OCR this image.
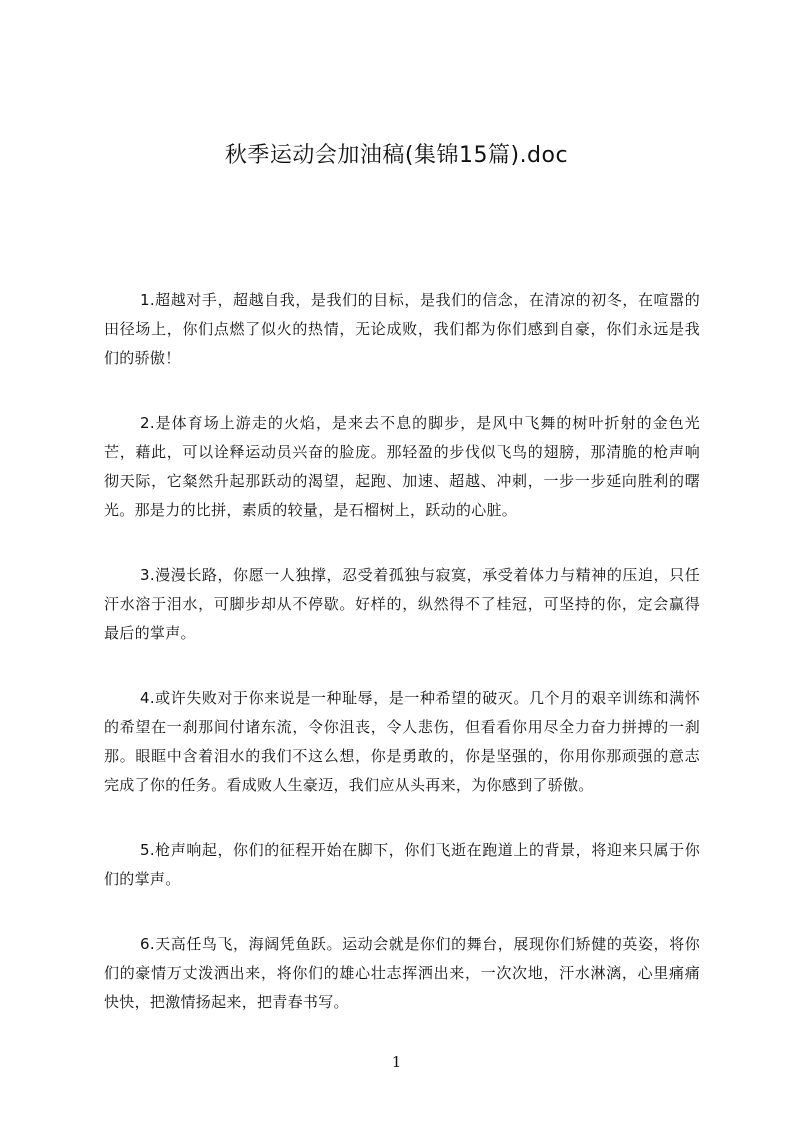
秋季运动会加油稿(集锦15篇).doc

1.超越对手，超越自我，是我们的目标，是我们的信念，在清凉的初冬，在喧嚣的田径场上，你们点燃了似火的热情，无论成败，我们都为你们感到自豪，你们永远是我们的骄傲！

2.是体育场上游走的火焰，是来去不息的脚步，是风中飞舞的树叶折射的金色光芒，藉此，可以诠释运动员兴奋的脸庞。那轻盈的步伐似飞鸟的翅膀，那清脆的枪声响彻天际，它粲然升起那跃动的渴望，起跑、加速、超越、冲刺，一步一步延向胜利的曙光。那是力的比拼，素质的较量，是石榴树上，跃动的心脏。

3.漫漫长路，你愿一人独撑，忍受着孤独与寂寞，承受着体力与精神的压迫，只任汗水溶于泪水，可脚步却从不停歇。好样的，纵然得不了桂冠，可坚持的你，定会赢得最后的掌声。

4.或许失败对于你来说是一种耻辱，是一种希望的破灭。几个月的艰辛训练和满怀的希望在一刹那间付诸东流，令你沮丧，令人悲伤，但看看你用尽全力奋力拼搏的一刹那。眼眶中含着泪水的我们不这么想，你是勇敢的，你是坚强的，你用你那顽强的意志完成了你的任务。看成败人生豪迈，我们应从头再来，为你感到了骄傲。

5.枪声响起，你们的征程开始在脚下，你们飞逝在跑道上的背景，将迎来只属于你们的掌声。

6.天高任鸟飞，海阔凭鱼跃。运动会就是你们的舞台，展现你们矫健的英姿，将你们的豪情万丈泼洒出来，将你们的雄心壮志挥洒出来，一次次地，汗水淋漓，心里痛痛快快，把激情扬起来，把青春书写。

1
